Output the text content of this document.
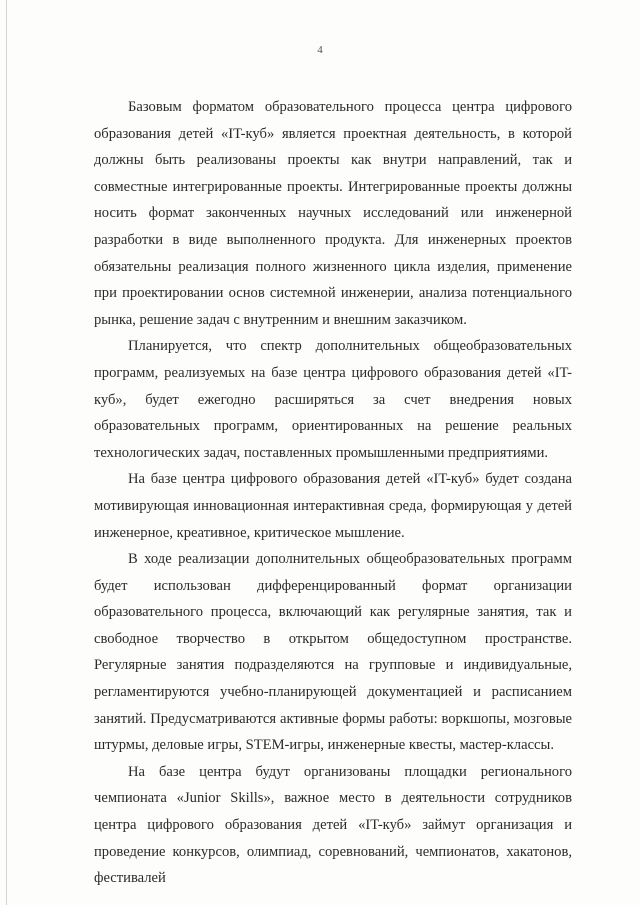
4

Базовым форматом образовательного процесса центра цифрового образования детей «IT-куб» является проектная деятельность, в которой должны быть реализованы проекты как внутри направлений, так и совместные интегрированные проекты. Интегрированные проекты должны носить формат законченных научных исследований или инженерной разработки в виде выполненного продукта. Для инженерных проектов обязательны реализация полного жизненного цикла изделия, применение при проектировании основ системной инженерии, анализа потенциального рынка, решение задач с внутренним и внешним заказчиком.

Планируется, что спектр дополнительных общеобразовательных программ, реализуемых на базе центра цифрового образования детей «IT-куб», будет ежегодно расширяться за счет внедрения новых образовательных программ, ориентированных на решение реальных технологических задач, поставленных промышленными предприятиями.

На базе центра цифрового образования детей «IT-куб» будет создана мотивирующая инновационная интерактивная среда, формирующая у детей инженерное, креативное, критическое мышление.

В ходе реализации дополнительных общеобразовательных программ будет использован дифференцированный формат организации образовательного процесса, включающий как регулярные занятия, так и свободное творчество в открытом общедоступном пространстве. Регулярные занятия подразделяются на групповые и индивидуальные, регламентируются учебно-планирующей документацией и расписанием занятий. Предусматриваются активные формы работы: воркшопы, мозговые штурмы, деловые игры, STEM-игры, инженерные квесты, мастер-классы.

На базе центра будут организованы площадки регионального чемпионата «Junior Skills», важное место в деятельности сотрудников центра цифрового образования детей «IT-куб» займут организация и проведение конкурсов, олимпиад, соревнований, чемпионатов, хакатонов, фестивалей
